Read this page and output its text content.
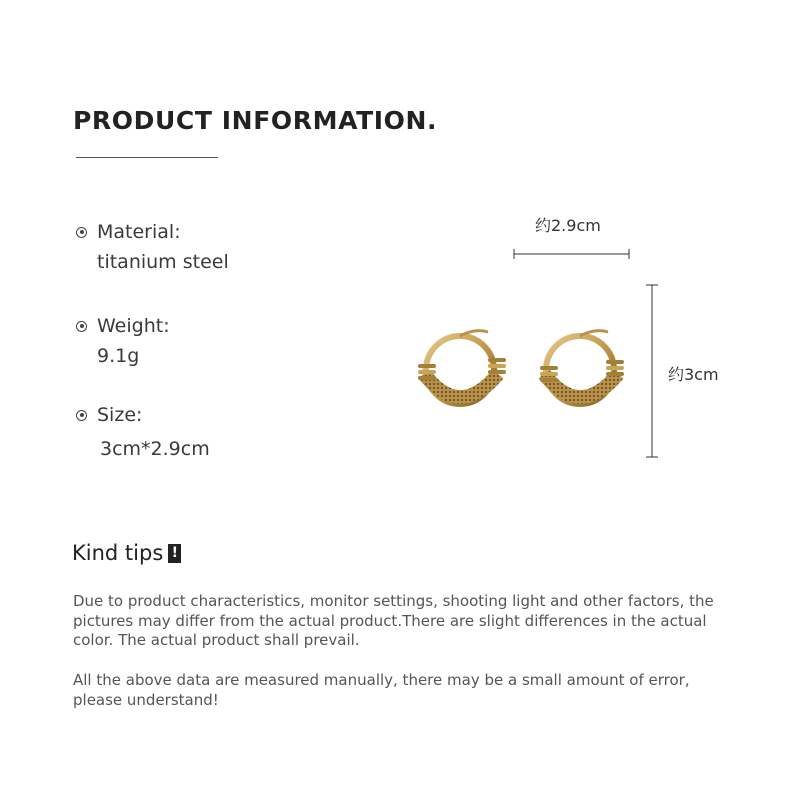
PRODUCT INFORMATION.
Material:
titanium steel
Weight:
9.1g
Size:
3cm*2.9cm
约2.9cm
约3cm
Kind tips !

Due to product characteristics, monitor settings, shooting light and other factors, the pictures may differ from the actual product.There are slight differences in the actual color. The actual product shall prevail.

All the above data are measured manually, there may be a small amount of error, please understand!
